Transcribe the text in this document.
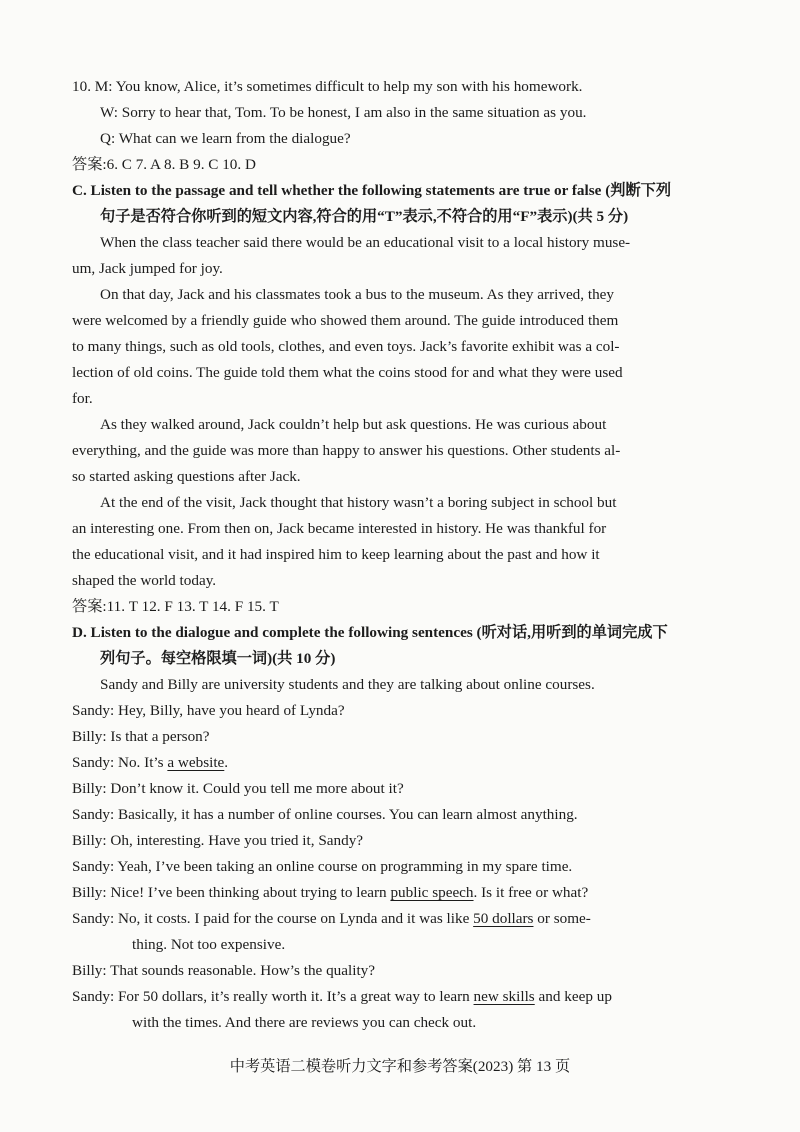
10. M: You know, Alice, it’s sometimes difficult to help my son with his homework.
W: Sorry to hear that, Tom. To be honest, I am also in the same situation as you.
Q: What can we learn from the dialogue?
答案:6. C 7. A 8. B 9. C 10. D
C. Listen to the passage and tell whether the following statements are true or false (判断下列
句子是否符合你听到的短文内容,符合的用“T”表示,不符合的用“F”表示)(共 5 分)
When the class teacher said there would be an educational visit to a local history muse-
um, Jack jumped for joy.
On that day, Jack and his classmates took a bus to the museum. As they arrived, they
were welcomed by a friendly guide who showed them around. The guide introduced them
to many things, such as old tools, clothes, and even toys. Jack’s favorite exhibit was a col-
lection of old coins. The guide told them what the coins stood for and what they were used
for.
As they walked around, Jack couldn’t help but ask questions. He was curious about
everything, and the guide was more than happy to answer his questions. Other students al-
so started asking questions after Jack.
At the end of the visit, Jack thought that history wasn’t a boring subject in school but
an interesting one. From then on, Jack became interested in history. He was thankful for
the educational visit, and it had inspired him to keep learning about the past and how it
shaped the world today.
答案:11. T 12. F 13. T 14. F 15. T
D. Listen to the dialogue and complete the following sentences (听对话,用听到的单词完成下
列句子。每空格限填一词)(共 10 分)
Sandy and Billy are university students and they are talking about online courses.
Sandy: Hey, Billy, have you heard of Lynda?
Billy: Is that a person?
Sandy: No. It’s a website.
Billy: Don’t know it. Could you tell me more about it?
Sandy: Basically, it has a number of online courses. You can learn almost anything.
Billy: Oh, interesting. Have you tried it, Sandy?
Sandy: Yeah, I’ve been taking an online course on programming in my spare time.
Billy: Nice! I’ve been thinking about trying to learn public speech. Is it free or what?
Sandy: No, it costs. I paid for the course on Lynda and it was like 50 dollars or some-
thing. Not too expensive.
Billy: That sounds reasonable. How’s the quality?
Sandy: For 50 dollars, it’s really worth it. It’s a great way to learn new skills and keep up
with the times. And there are reviews you can check out.
中考英语二模卷听力文字和参考答案(2023) 第 13 页
